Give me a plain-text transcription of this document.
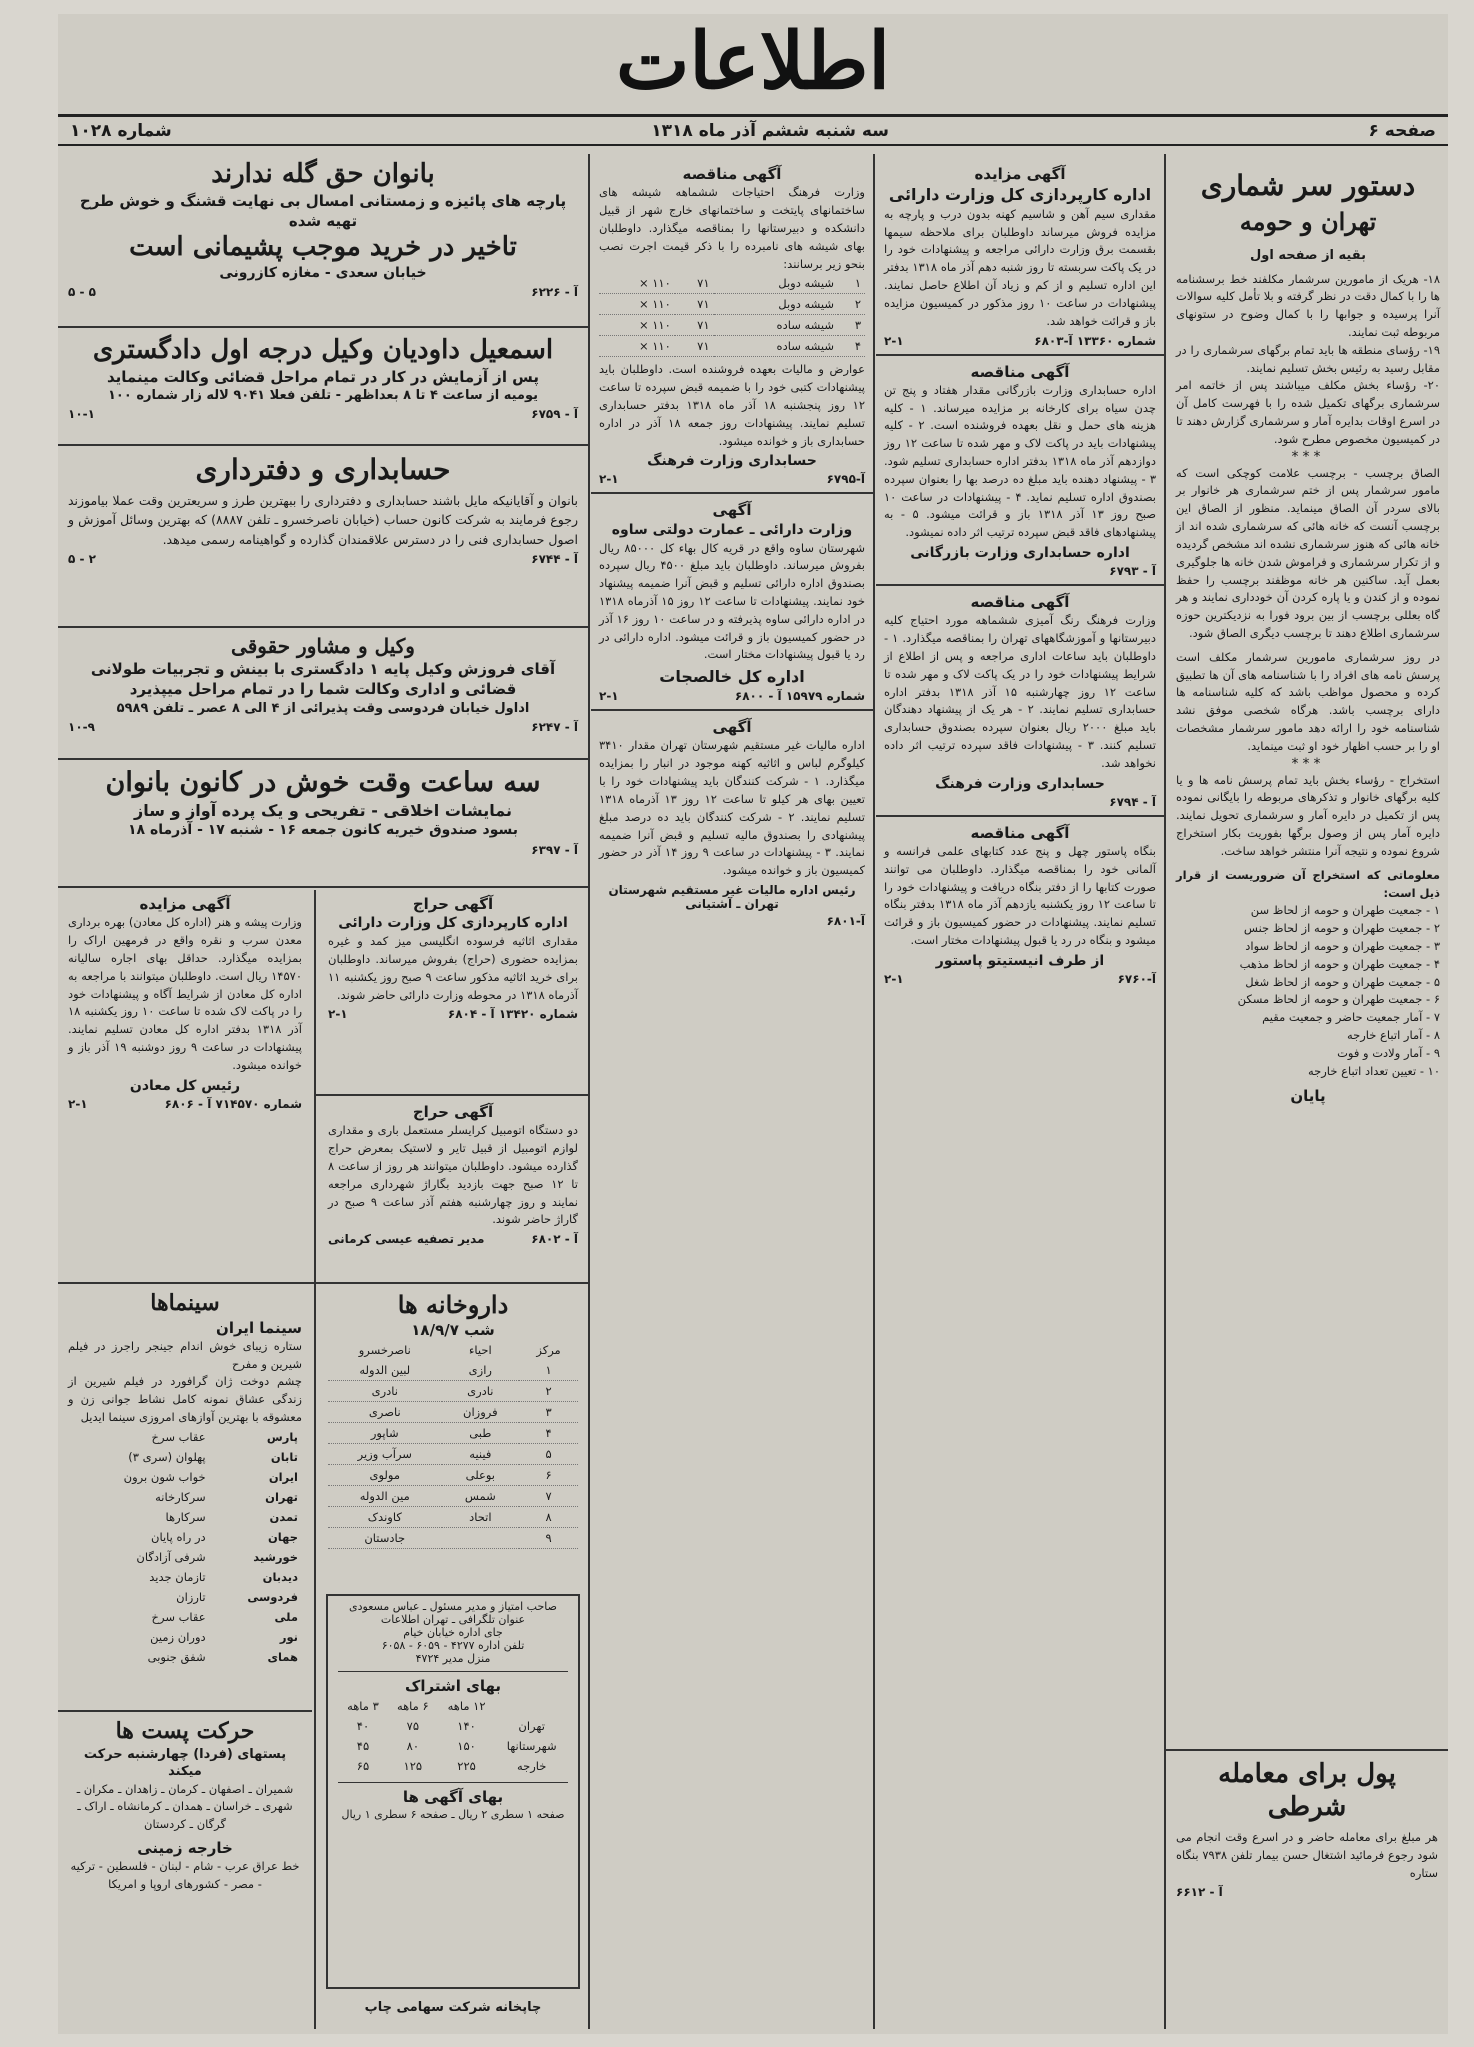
اطلاعات
صفحه ۶
سه شنبه ششم آذر ماه ۱۳۱۸
شماره ۱۰۲۸
دستور سر شماری
تهران و حومه
بقیه از صفحه اول

۱۸- هریک از مامورین سرشمار مکلفند خط برسشنامه ها را با کمال دقت در نظر گرفته و بلا تأمل کلیه سوالات آنرا پرسیده و جوابها را با کمال وضوح در ستونهای مربوطه ثبت نمایند.

۱۹- رؤسای منطقه ها باید تمام برگهای سرشماری را در مقابل رسید به رئیس بخش تسلیم نمایند.

۲۰- رؤساء بخش مکلف میباشند پس از خاتمه امر سرشماری برگهای تکمیل شده را با فهرست کامل آن در اسرع اوقات بدایره آمار و سرشماری گزارش دهند تا در کمیسیون مخصوص مطرح شود.

***

الصاق برچسب - برچسب علامت کوچکی است که مامور سرشمار پس از ختم سرشماری هر خانوار بر بالای سردر آن الصاق مینماید. منظور از الصاق این برچسب آنست که خانه هائی که سرشماری شده اند از خانه هائی که هنوز سرشماری نشده اند مشخص گردیده و از تکرار سرشماری و فراموش شدن خانه ها جلوگیری بعمل آید. ساکنین هر خانه موظفند برچسب را حفظ نموده و از کندن و یا پاره کردن آن خودداری نمایند و هر گاه بعللی برچسب از بین برود فورا به نزدیکترین حوزه سرشماری اطلاع دهند تا برچسب دیگری الصاق شود.

در روز سرشماری مامورین سرشمار مکلف است پرسش نامه های افراد را با شناسنامه های آن ها تطبیق کرده و محصول مواظب باشد که کلیه شناسنامه ها دارای برچسب باشد. هرگاه شخصی موفق نشد شناسنامه خود را ارائه دهد مامور سرشمار مشخصات او را بر حسب اظهار خود او ثبت مینماید.

***

استخراج - رؤساء بخش باید تمام پرسش نامه ها و یا کلیه برگهای خانوار و تذکرهای مربوطه را بایگانی نموده پس از تکمیل در دایره آمار و سرشماری تحویل نمایند. دایره آمار پس از وصول برگها بفوریت بکار استخراج شروع نموده و نتیجه آنرا منتشر خواهد ساخت.

معلوماتی که استخراج آن ضروریست از قرار ذیل است:

۱ - جمعیت طهران و حومه از لحاظ سن
۲ - جمعیت طهران و حومه از لحاظ جنس
۳ - جمعیت طهران و حومه از لحاظ سواد
۴ - جمعیت طهران و حومه از لحاظ مذهب
۵ - جمعیت طهران و حومه از لحاظ شغل
۶ - جمعیت طهران و حومه از لحاظ مسکن
۷ - آمار جمعیت حاضر و جمعیت مقیم
۸ - آمار اتباع خارجه
۹ - آمار ولادت و فوت
۱۰ - تعیین تعداد اتباع خارجه
پایان
پول برای معامله شرطی

هر مبلغ برای معامله حاضر و در اسرع وقت انجام می شود رجوع فرمائید اشتغال حسن بیمار تلفن ۷۹۳۸ بنگاه ستاره

آ - ۶۶۱۲
آگهی مزایده
اداره کارپردازی کل وزارت دارائی

مقداری سیم آهن و شاسیم کهنه بدون درب و پارچه به مزایده فروش میرساند داوطلبان برای ملاحظه سیمها بقسمت برق وزارت دارائی مراجعه و پیشنهادات خود را در یک پاکت سربسته تا روز شنبه دهم آذر ماه ۱۳۱۸ بدفتر این اداره تسلیم و از کم و زیاد آن اطلاع حاصل نمایند. پیشنهادات در ساعت ۱۰ روز مذکور در کمیسیون مزایده باز و قرائت خواهد شد.

۲-۱	شماره ۱۳۳۶۰ آ-۶۸۰۳
آگهی مناقصه

اداره حسابداری وزارت بازرگانی مقدار هفتاد و پنج تن چدن سیاه برای کارخانه بر مزایده میرساند. ۱ - کلیه هزینه های حمل و نقل بعهده فروشنده است. ۲ - کلیه پیشنهادات باید در پاکت لاک و مهر شده تا ساعت ۱۲ روز دوازدهم آذر ماه ۱۳۱۸ بدفتر اداره حسابداری تسلیم شود. ۳ - پیشنهاد دهنده باید مبلغ ده درصد بها را بعنوان سپرده بصندوق اداره تسلیم نماید. ۴ - پیشنهادات در ساعت ۱۰ صبح روز ۱۳ آذر ۱۳۱۸ باز و قرائت میشود. ۵ - به پیشنهادهای فاقد قبض سپرده ترتیب اثر داده نمیشود.

اداره حسابداری وزارت بازرگانی
آ - ۶۷۹۳
آگهی مناقصه

وزارت فرهنگ رنگ آمیزی ششماهه مورد احتیاج کلیه دبیرستانها و آموزشگاههای تهران را بمناقصه میگذارد. ۱ - داوطلبان باید ساعات اداری مراجعه و پس از اطلاع از شرایط پیشنهادات خود را در یک پاکت لاک و مهر شده تا ساعت ۱۲ روز چهارشنبه ۱۵ آذر ۱۳۱۸ بدفتر اداره حسابداری تسلیم نمایند. ۲ - هر یک از پیشنهاد دهندگان باید مبلغ ۲۰۰۰ ریال بعنوان سپرده بصندوق حسابداری تسلیم کنند. ۳ - پیشنهادات فاقد سپرده ترتیب اثر داده نخواهد شد.

حسابداری وزارت فرهنگ
آ - ۶۷۹۴
آگهی مناقصه

بنگاه پاستور چهل و پنج عدد کتابهای علمی فرانسه و آلمانی خود را بمناقصه میگذارد. داوطلبان می توانند صورت کتابها را از دفتر بنگاه دریافت و پیشنهادات خود را تا ساعت ۱۲ روز یکشنبه یازدهم آذر ماه ۱۳۱۸ بدفتر بنگاه تسلیم نمایند. پیشنهادات در حضور کمیسیون باز و قرائت میشود و بنگاه در رد یا قبول پیشنهادات مختار است.

از طرف انیستیتو پاستور
۲-۱	آ-۶۷۶۰
آگهی مناقصه

وزارت فرهنگ احتیاجات ششماهه شیشه های ساختمانهای پایتخت و ساختمانهای خارج شهر از قبیل دانشکده و دبیرستانها را بمناقصه میگذارد. داوطلبان بهای شیشه های نامبرده را با ذکر قیمت اجرت نصب بنحو زیر برسانند:

۱	شیشه دوبل	۷۱	۱۱۰ ×
۲	شیشه دوبل	۷۱	۱۱۰ ×
۳	شیشه ساده	۷۱	۱۱۰ ×
۴	شیشه ساده	۷۱	۱۱۰ ×

عوارض و مالیات بعهده فروشنده است. داوطلبان باید پیشنهادات کتبی خود را با ضمیمه قبض سپرده تا ساعت ۱۲ روز پنجشنبه ۱۸ آذر ماه ۱۳۱۸ بدفتر حسابداری تسلیم نمایند. پیشنهادات روز جمعه ۱۸ آذر در اداره حسابداری باز و خوانده میشود.

حسابداری وزارت فرهنگ
۲-۱	آ-۶۷۹۵
آگهی
وزارت دارائی ـ عمارت دولتی ساوه

شهرستان ساوه واقع در قریه کال بهاء کل ۸۵۰۰۰ ریال بفروش میرساند. داوطلبان باید مبلغ ۴۵۰۰ ریال سپرده بصندوق اداره دارائی تسلیم و قبض آنرا ضمیمه پیشنهاد خود نمایند. پیشنهادات تا ساعت ۱۲ روز ۱۵ آذرماه ۱۳۱۸ در اداره دارائی ساوه پذیرفته و در ساعت ۱۰ روز ۱۶ آذر در حضور کمیسیون باز و قرائت میشود. اداره دارائی در رد یا قبول پیشنهادات مختار است.

اداره کل خالصجات
۲-۱	شماره ۱۵۹۷۹ آ - ۶۸۰۰
آگهی

اداره مالیات غیر مستقیم شهرستان تهران مقدار ۳۴۱۰ کیلوگرم لباس و اثاثیه کهنه موجود در انبار را بمزایده میگذارد. ۱ - شرکت کنندگان باید پیشنهادات خود را با تعیین بهای هر کیلو تا ساعت ۱۲ روز ۱۳ آذرماه ۱۳۱۸ تسلیم نمایند. ۲ - شرکت کنندگان باید ده درصد مبلغ پیشنهادی را بصندوق مالیه تسلیم و قبض آنرا ضمیمه نمایند. ۳ - پیشنهادات در ساعت ۹ روز ۱۴ آذر در حضور کمیسیون باز و خوانده میشود.

رئیس اداره مالیات غیر مستقیم شهرستان تهران ـ آشتیانی
آ-۶۸۰۱
بانوان حق گله ندارند
پارچه های پائیزه و زمستانی امسال بی نهایت قشنگ و خوش طرح تهیه شده
تاخیر در خرید موجب پشیمانی است
خیابان سعدی - مغازه کازرونی
۵ - ۵	آ - ۶۲۲۶
اسمعیل داودیان وکیل درجه اول دادگستری
پس از آزمایش در کار در تمام مراحل قضائی وکالت مینماید
یومیه از ساعت ۴ تا ۸ بعداظهر - تلفن فعلا ۹۰۴۱ لاله زار شماره ۱۰۰
۱۰-۱	آ - ۶۷۵۹
حسابداری و دفترداری

بانوان و آقایانیکه مایل باشند حسابداری و دفترداری را ببهترین طرز و سریعترین وقت عملا بیاموزند رجوع فرمایند به شرکت کانون حساب (خیابان ناصرخسرو ـ تلفن ۸۸۸۷) که بهترین وسائل آموزش و اصول حسابداری فنی را در دسترس علاقمندان گذارده و گواهینامه رسمی میدهد.

۵ - ۲	آ - ۶۷۴۴
وکیل و مشاور حقوقی
آقای فروزش وکیل پایه ۱ دادگستری با بینش و تجربیات طولانی قضائی و اداری وکالت شما را در تمام مراحل میپذیرد
اداول خیابان فردوسی وقت پذیرائی از ۴ الی ۸ عصر ـ تلفن ۵۹۸۹
۱۰-۹	آ - ۶۲۴۷
سه ساعت وقت خوش در کانون بانوان
نمایشات اخلاقی - تفریحی و یک پرده آواز و ساز
بسود صندوق خیریه کانون جمعه ۱۶ - شنبه ۱۷ - آذرماه ۱۸
آ - ۶۳۹۷
آگهی حراج
اداره کارپردازی کل وزارت دارائی

مقداری اثاثیه فرسوده انگلیسی میز کمد و غیره بمزایده حضوری (حراج) بفروش میرساند. داوطلبان برای خرید اثاثیه مذکور ساعت ۹ صبح روز یکشنبه ۱۱ آذرماه ۱۳۱۸ در محوطه وزارت دارائی حاضر شوند.

۲-۱	شماره ۱۳۴۲۰ آ - ۶۸۰۴
آگهی حراج

دو دستگاه اتومبیل کرایسلر مستعمل باری و مقداری لوازم اتومبیل از قبیل تایر و لاستیک بمعرض حراج گذارده میشود. داوطلبان میتوانند هر روز از ساعت ۸ تا ۱۲ صبح جهت بازدید بگاراژ شهرداری مراجعه نمایند و روز چهارشنبه هفتم آذر ساعت ۹ صبح در گاراژ حاضر شوند.

مدیر تصفیه عیسی کرمانی	آ - ۶۸۰۲
آگهی مزایده

وزارت پیشه و هنر (اداره کل معادن) بهره برداری معدن سرب و نقره واقع در فرمهین اراک را بمزایده میگذارد. حداقل بهای اجاره سالیانه ۱۴۵۷۰ ریال است. داوطلبان میتوانند با مراجعه به اداره کل معادن از شرایط آگاه و پیشنهادات خود را در پاکت لاک شده تا ساعت ۱۰ روز یکشنبه ۱۸ آذر ۱۳۱۸ بدفتر اداره کل معادن تسلیم نمایند. پیشنهادات در ساعت ۹ روز دوشنبه ۱۹ آذر باز و خوانده میشود.

رئیس کل معادن
۲-۱	شماره ۷۱۴۵۷۰ آ - ۶۸۰۶
داروخانه ها
شب ۱۸/۹/۷
مرکز	احیاء	ناصرخسرو
۱	رازی	لبین الدوله
۲	نادری	نادری
۳	فروزان	ناصری
۴	طبی	شاپور
۵	فینیه	سرآب وزیر
۶	بوعلی	مولوی
۷	شمس	مین الدوله
۸	اتحاد	کاوندک
۹		جادستان
صاحب امتیاز و مدیر مسئول ـ عباس مسعودی
عنوان تلگرافی ـ تهران اطلاعات
جای اداره خیابان خیام
تلفن اداره ۴۲۷۷ - ۶۰۵۹ - ۶۰۵۸
منزل مدیر ۴۷۲۴
بهای اشتراک
	۱۲ ماهه	۶ ماهه	۳ ماهه
تهران	۱۴۰	۷۵	۴۰
شهرستانها	۱۵۰	۸۰	۴۵
خارجه	۲۲۵	۱۲۵	۶۵
بهای آگهی ها
صفحه ۱ سطری ۲ ریال ـ صفحه ۶ سطری ۱ ریال
چاپخانه شرکت سهامی چاپ
سینماها
سینما ایران

ستاره زیبای خوش اندام جینجر راجرز در فیلم شیرین و مفرح

چشم دوخت ژان گرافورد در فیلم شیرین از زندگی عشاق نمونه کامل نشاط جوانی زن و معشوقه با بهترین آوازهای امروزی سینما ایدیل

پارس	عقاب سرخ
تابان	پهلوان (سری ۳)
ایران	خواب شون برون
تهران	سرکارخانه
تمدن	سرکارها
جهان	در راه پایان
خورشید	شرفی آزادگان
دیدبان	تازمان جدید
فردوسی	تارزان
ملی	عقاب سرخ
نور	دوران زمین
همای	شفق جنوبی
حرکت پست ها
پستهای (فردا) چهارشنبه حرکت میکند

شمیران ـ اصفهان ـ کرمان ـ زاهدان ـ مکران ـ شهری ـ خراسان ـ همدان ـ کرمانشاه ـ اراک ـ گرگان ـ کردستان

خارجه زمینی

خط عراق عرب - شام - لبنان - فلسطین - ترکیه - مصر - کشورهای اروپا و امریکا
